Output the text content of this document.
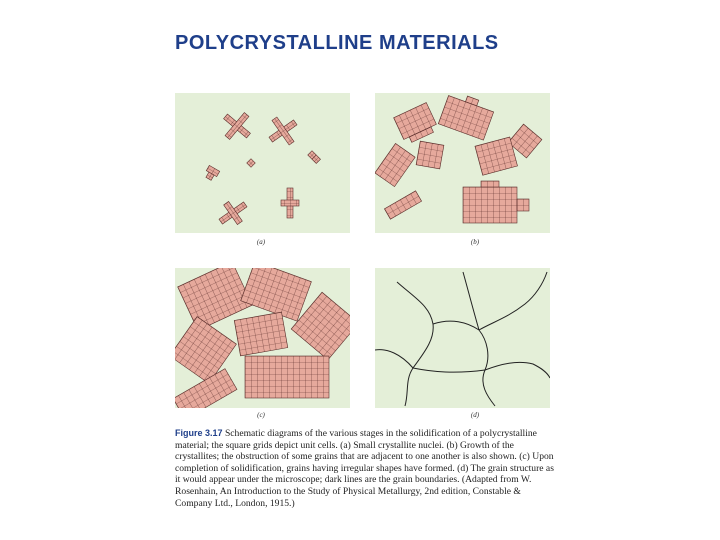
POLYCRYSTALLINE MATERIALS
(a)	(b)
(c)	(d)
Figure 3.17 Schematic diagrams of the various stages in the solidification of a polycrystalline material; the square grids depict unit cells. (a) Small crystallite nuclei. (b) Growth of the crystallites; the obstruction of some grains that are adjacent to one another is also shown. (c) Upon completion of solidification, grains having irregular shapes have formed. (d) The grain structure as it would appear under the microscope; dark lines are the grain boundaries. (Adapted from W. Rosenhain, An Introduction to the Study of Physical Metallurgy, 2nd edition, Constable & Company Ltd., London, 1915.)
